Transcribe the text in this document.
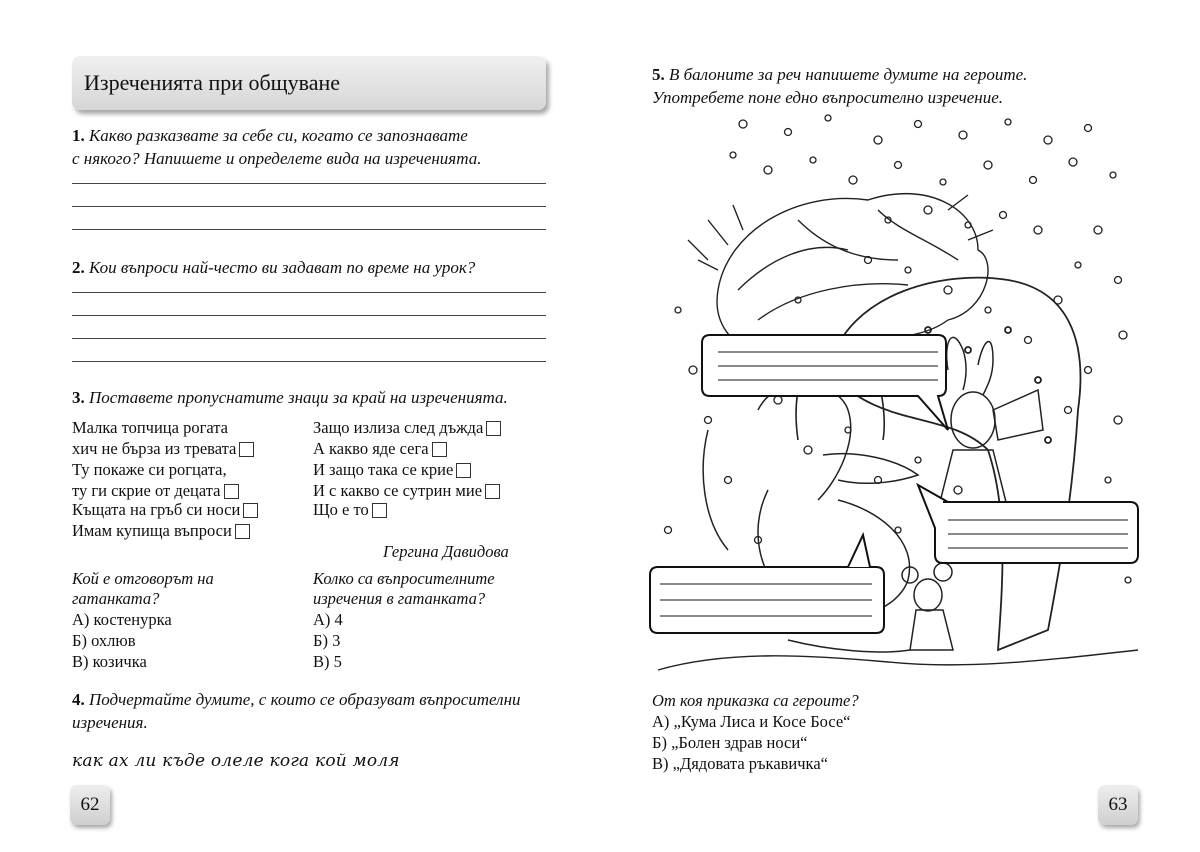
Изреченията при общуване
1. Какво разказвате за себе си, когато се запознавате
с някого? Напишете и определете вида на изреченията.
2. Кои въпроси най-често ви задават по време на урок?
3. Поставете пропуснатите знаци за край на изреченията.
Малка топчица рогата
хич не бърза из тревата
Ту покаже си рогцата,
ту ги скрие от децата
Къщата на гръб си носи
Имам купища въпроси
Защо излиза след дъжда
А какво яде сега
И защо така се крие
И с какво се сутрин мие
Що е то
Гергина Давидова
Кой е отговорът на
гатанката?
А) костенурка
Б) охлюв
В) козичка
Колко са въпросителните
изречения в гатанката?
А) 4
Б) 3
В) 5
4. Подчертайте думите, с които се образуват въпросителни
изречения.
как ах ли къде олеле кога кой моля
62
5. В балоните за реч напишете думите на героите.
Употребете поне едно въпросително изречение.
От коя приказка са героите?
А) „Кума Лиса и Косе Босе“
Б) „Болен здрав носи“
В) „Дядовата ръкавичка“
63
